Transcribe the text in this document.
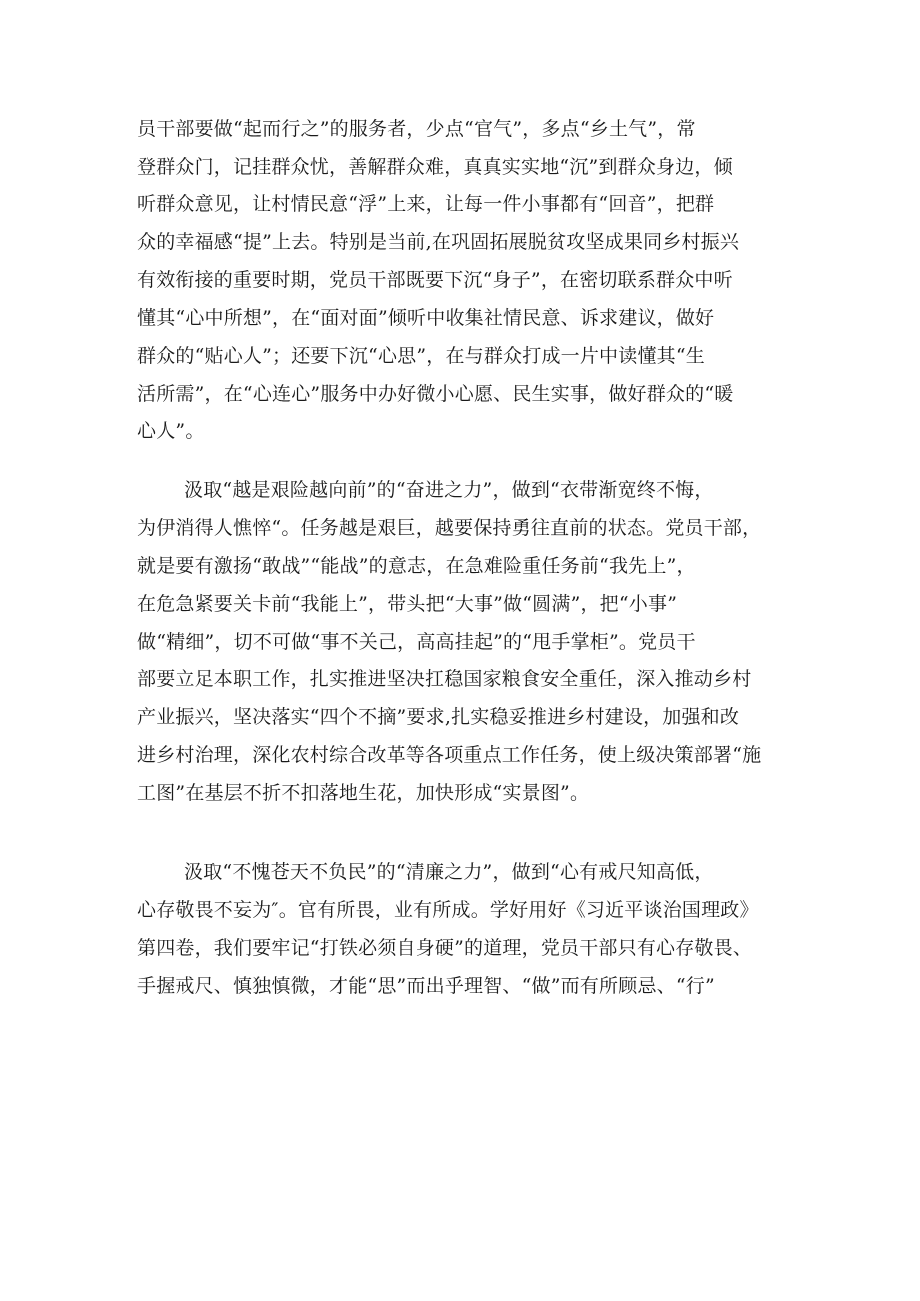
员干部要做“起而行之”的服务者，少点“官气”，多点“乡土气”，常

登群众门，记挂群众忧，善解群众难，真真实实地“沉”到群众身边，倾

听群众意见，让村情民意“浮”上来，让每一件小事都有“回音”，把群

众的幸福感“提”上去。特别是当前,在巩固拓展脱贫攻坚成果同乡村振兴

有效衔接的重要时期，党员干部既要下沉“身子”，在密切联系群众中听

懂其“心中所想”，在“面对面”倾听中收集社情民意、诉求建议，做好

群众的“贴心人”；还要下沉“心思”，在与群众打成一片中读懂其“生

活所需”，在“心连心”服务中办好微小心愿、民生实事，做好群众的“暖

心人”。

汲取“越是艰险越向前”的“奋进之力”，做到“衣带渐宽终不悔，

为伊消得人憔悴“。任务越是艰巨，越要保持勇往直前的状态。党员干部，

就是要有激扬“敢战”“能战”的意志，在急难险重任务前“我先上”，

在危急紧要关卡前“我能上”，带头把“大事”做“圆满”，把“小事”

做“精细”，切不可做“事不关己，高高挂起”的“甩手掌柜”。党员干

部要立足本职工作，扎实推进坚决扛稳国家粮食安全重任，深入推动乡村

产业振兴，坚决落实“四个不摘”要求,扎实稳妥推进乡村建设，加强和改

进乡村治理，深化农村综合改革等各项重点工作任务，使上级决策部署“施

工图”在基层不折不扣落地生花，加快形成“实景图”。

汲取“不愧苍天不负民”的“清廉之力”，做到“心有戒尺知高低，

心存敬畏不妄为″。官有所畏，业有所成。学好用好《习近平谈治国理政》

第四卷，我们要牢记“打铁必须自身硬”的道理，党员干部只有心存敬畏、

手握戒尺、慎独慎微，才能“思”而出乎理智、“做”而有所顾忌、“行”
